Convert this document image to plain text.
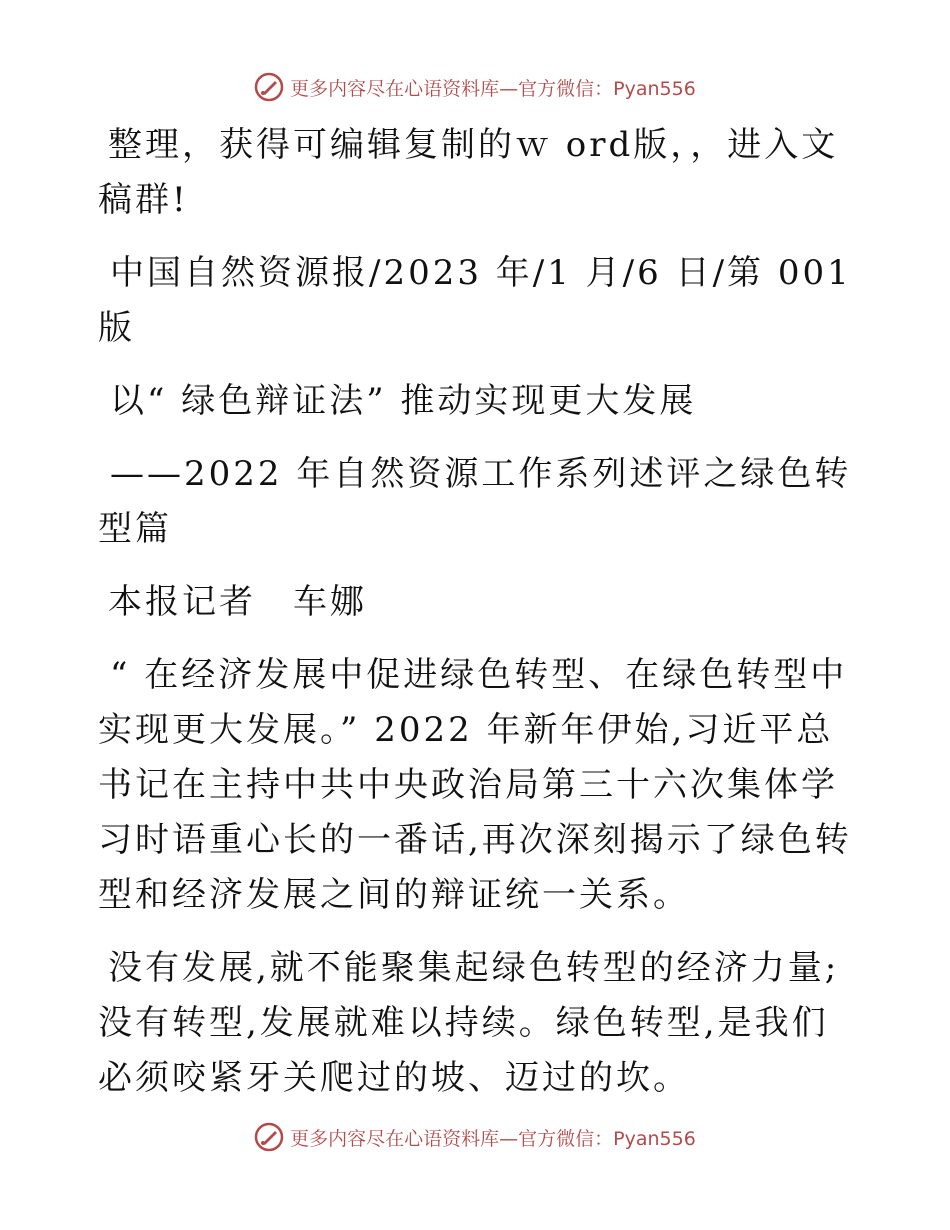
更多内容尽在心语资料库—官方微信：Pyan556

整理，获得可编辑复制的ｗ ord版，，进入文稿群!

中国自然资源报/2023 年/1 月/6 日/第 001 版

以“ 绿色辩证法” 推动实现更大发展

——2022 年自然资源工作系列述评之绿色转型篇

本报记者　车娜

“ 在经济发展中促进绿色转型、在绿色转型中实现更大发展。” 2022 年新年伊始,习近平总书记在主持中共中央政治局第三十六次集体学习时语重心长的一番话,再次深刻揭示了绿色转型和经济发展之间的辩证统一关系。

没有发展,就不能聚集起绿色转型的经济力量;没有转型,发展就难以持续。绿色转型,是我们必须咬紧牙关爬过的坡、迈过的坎。

更多内容尽在心语资料库—官方微信：Pyan556
